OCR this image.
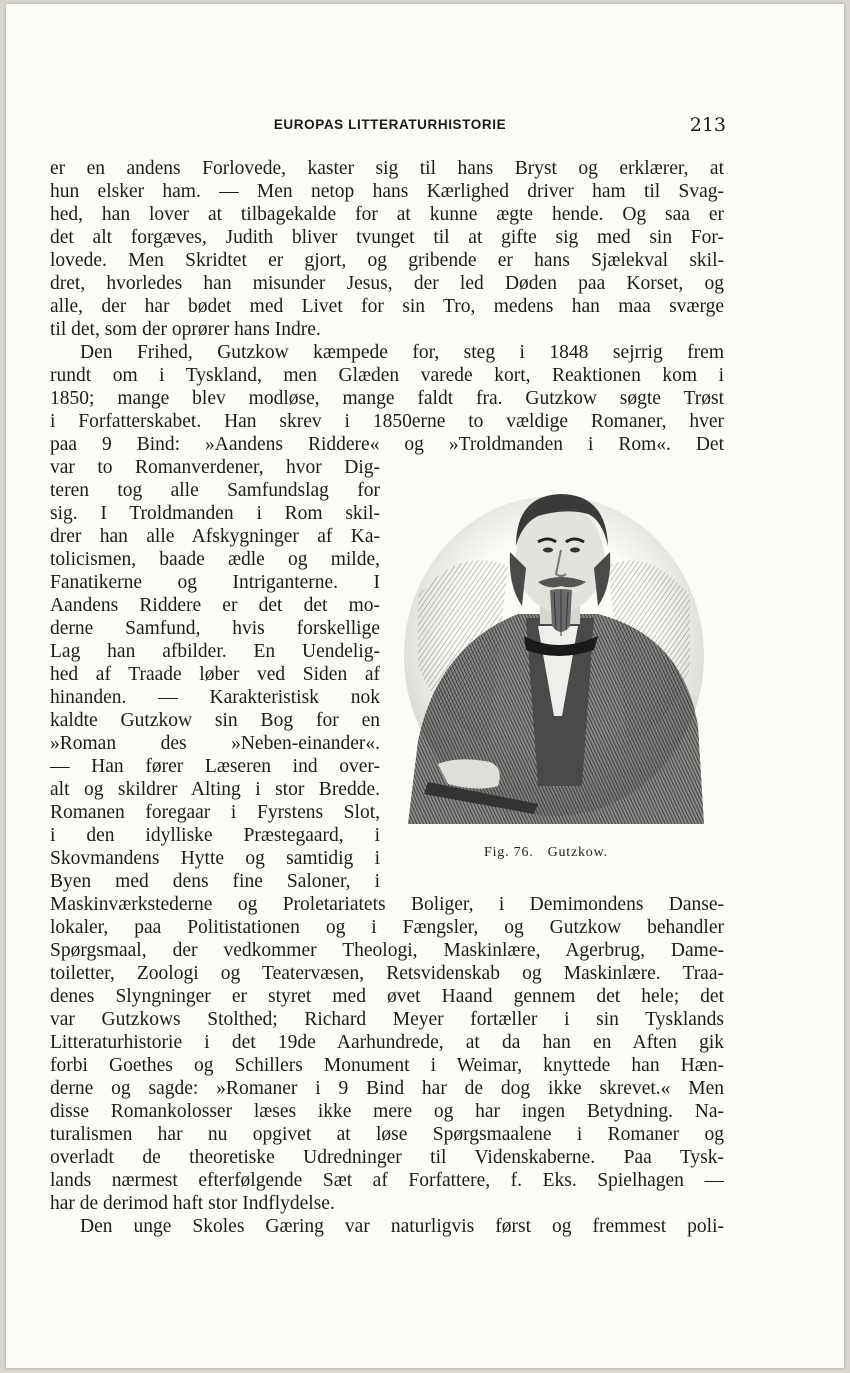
EUROPAS LITTERATURHISTORIE	213
er en andens Forlovede, kaster sig til hans Bryst og erklærer, at
hun elsker ham. — Men netop hans Kærlighed driver ham til Svag-
hed, han lover at tilbagekalde for at kunne ægte hende. Og saa er
det alt forgæves, Judith bliver tvunget til at gifte sig med sin For-
lovede. Men Skridtet er gjort, og gribende er hans Sjælekval skil-
dret, hvorledes han misunder Jesus, der led Døden paa Korset, og
alle, der har bødet med Livet for sin Tro, medens han maa sværge
til det, som der oprører hans Indre.
Den Frihed, Gutzkow kæmpede for, steg i 1848 sejrrig frem
rundt om i Tyskland, men Glæden varede kort, Reaktionen kom i
1850; mange blev modløse, mange faldt fra. Gutzkow søgte Trøst
i Forfatterskabet. Han skrev i 1850erne to vældige Romaner, hver
paa 9 Bind: »Aandens Riddere« og »Troldmanden i Rom«. Det
var to Romanverdener, hvor Dig-
teren tog alle Samfundslag for
sig. I Troldmanden i Rom skil-
drer han alle Afskygninger af Ka-
tolicismen, baade ædle og milde,
Fanatikerne og Intriganterne. I
Aandens Riddere er det det mo-
derne Samfund, hvis forskellige
Lag han afbilder. En Uendelig-
hed af Traade løber ved Siden af
hinanden. — Karakteristisk nok
kaldte Gutzkow sin Bog for en
»Roman des »Neben-einander«.
— Han fører Læseren ind over-
alt og skildrer Alting i stor Bredde.
Romanen foregaar i Fyrstens Slot,
i den idylliske Præstegaard, i
Skovmandens Hytte og samtidig i
Byen med dens fine Saloner, i
Maskinværkstederne og Proletariatets Boliger, i Demimondens Danse-
lokaler, paa Politistationen og i Fængsler, og Gutzkow behandler
Spørgsmaal, der vedkommer Theologi, Maskinlære, Agerbrug, Dame-
toiletter, Zoologi og Teatervæsen, Retsvidenskab og Maskinlære. Traa-
denes Slyngninger er styret med øvet Haand gennem det hele; det
var Gutzkows Stolthed; Richard Meyer fortæller i sin Tysklands
Litteraturhistorie i det 19de Aarhundrede, at da han en Aften gik
forbi Goethes og Schillers Monument i Weimar, knyttede han Hæn-
derne og sagde: »Romaner i 9 Bind har de dog ikke skrevet.« Men
disse Romankolosser læses ikke mere og har ingen Betydning. Na-
turalismen har nu opgivet at løse Spørgsmaalene i Romaner og
overladt de theoretiske Udredninger til Videnskaberne. Paa Tysk-
lands nærmest efterfølgende Sæt af Forfattere, f. Eks. Spielhagen —
har de derimod haft stor Indflydelse.
Den unge Skoles Gæring var naturligvis først og fremmest poli-
Fig. 76. Gutzkow.
